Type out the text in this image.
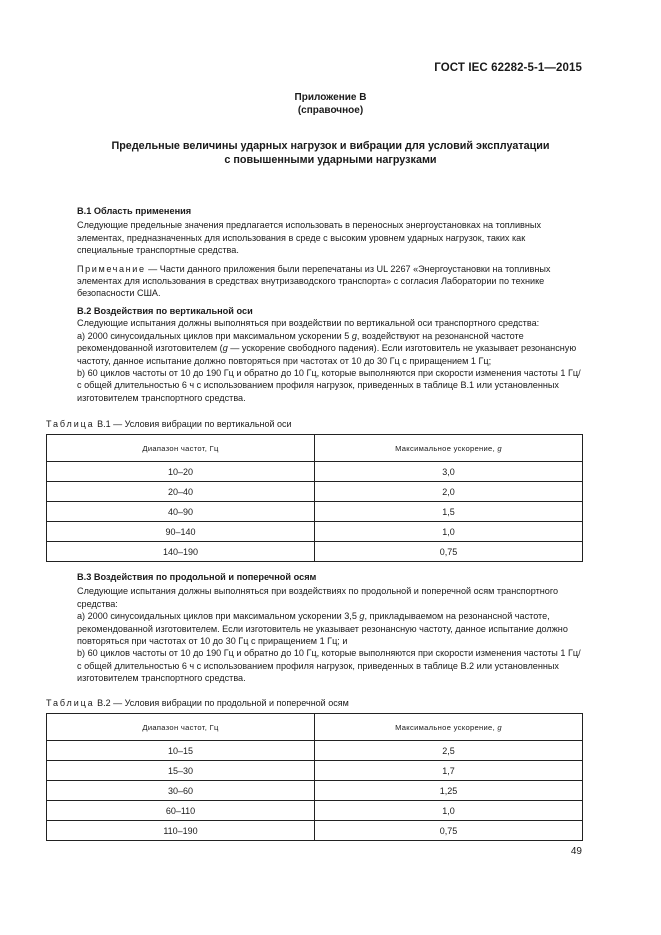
ГОСТ IEC 62282-5-1—2015
Приложение В
(справочное)
Предельные величины ударных нагрузок и вибрации для условий эксплуатации
с повышенными ударными нагрузками
В.1 Область применения
Следующие предельные значения предлагается использовать в переносных энергоустановках на топливных элементах, предназначенных для использования в среде с высоким уровнем ударных нагрузок, таких как специальные транспортные средства.
Примечание — Части данного приложения были перепечатаны из UL 2267 «Энергоустановки на топливных элементах для использования в средствах внутризаводского транспорта» с согласия Лаборатории по технике безопасности США.
В.2 Воздействия по вертикальной оси
Следующие испытания должны выполняться при воздействии по вертикальной оси транспортного средства:
a) 2000 синусоидальных циклов при максимальном ускорении 5 g, воздействуют на резонансной частоте рекомендованной изготовителем (g — ускорение свободного падения). Если изготовитель не указывает резонансную частоту, данное испытание должно повторяться при частотах от 10 до 30 Гц с приращением 1 Гц;
b) 60 циклов частоты от 10 до 190 Гц и обратно до 10 Гц, которые выполняются при скорости изменения частоты 1 Гц/с общей длительностью 6 ч с использованием профиля нагрузок, приведенных в таблице В.1 или установленных изготовителем транспортного средства.
Таблица В.1 — Условия вибрации по вертикальной оси
Диапазон частот, Гц	Максимальное ускорение, g
10–20	3,0
20–40	2,0
40–90	1,5
90–140	1,0
140–190	0,75
В.3 Воздействия по продольной и поперечной осям
Следующие испытания должны выполняться при воздействиях по продольной и поперечной осям транспортного средства:
a) 2000 синусоидальных циклов при максимальном ускорении 3,5 g, прикладываемом на резонансной частоте, рекомендованной изготовителем. Если изготовитель не указывает резонансную частоту, данное испытание должно повторяться при частотах от 10 до 30 Гц с приращением 1 Гц; и
b) 60 циклов частоты от 10 до 190 Гц и обратно до 10 Гц, которые выполняются при скорости изменения частоты 1 Гц/с общей длительностью 6 ч с использованием профиля нагрузок, приведенных в таблице В.2 или установленных изготовителем транспортного средства.
Таблица В.2 — Условия вибрации по продольной и поперечной осям
Диапазон частот, Гц	Максимальное ускорение, g
10–15	2,5
15–30	1,7
30–60	1,25
60–110	1,0
110–190	0,75
49
